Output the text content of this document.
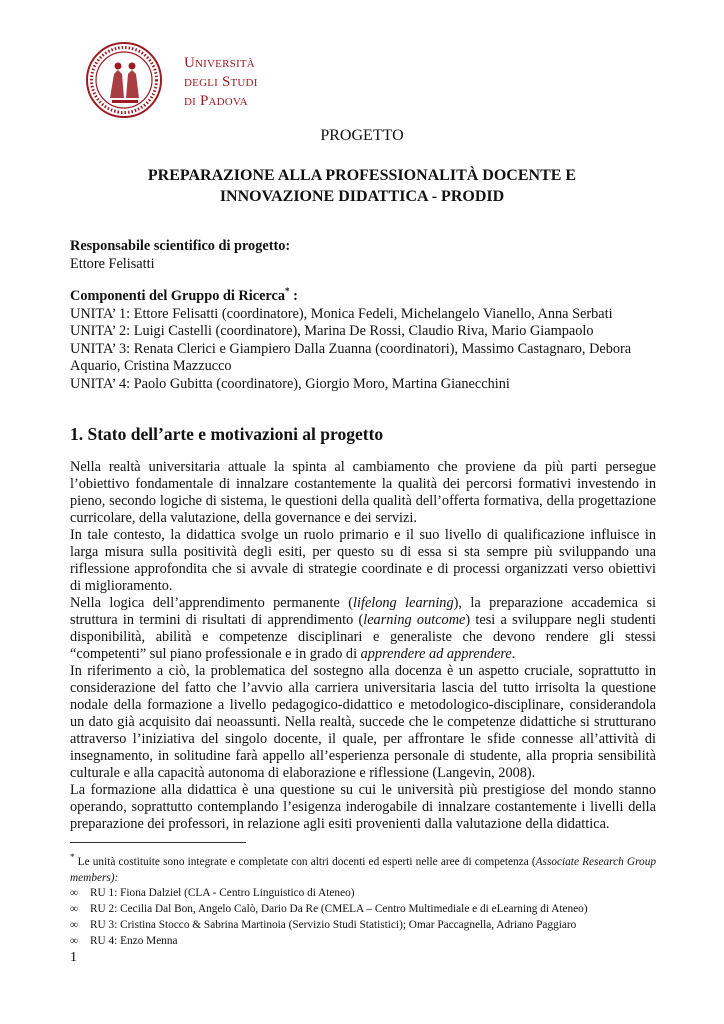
Università
degli Studi
di Padova
PROGETTO
PREPARAZIONE ALLA PROFESSIONALITÀ DOCENTE E
INNOVAZIONE DIDATTICA - PRODID
Responsabile scientifico di progetto:
Ettore Felisatti
Componenti del Gruppo di Ricerca* :
UNITA’ 1: Ettore Felisatti (coordinatore), Monica Fedeli, Michelangelo Vianello, Anna Serbati
UNITA’ 2: Luigi Castelli (coordinatore), Marina De Rossi, Claudio Riva, Mario Giampaolo
UNITA’ 3: Renata Clerici e Giampiero Dalla Zuanna (coordinatori), Massimo Castagnaro, Debora Aquario, Cristina Mazzucco
UNITA’ 4: Paolo Gubitta (coordinatore), Giorgio Moro, Martina Gianecchini
1. Stato dell’arte e motivazioni al progetto

Nella realtà universitaria attuale la spinta al cambiamento che proviene da più parti persegue l’obiettivo fondamentale di innalzare costantemente la qualità dei percorsi formativi investendo in pieno, secondo logiche di sistema, le questioni della qualità dell’offerta formativa, della progettazione curricolare, della valutazione, della governance e dei servizi.

In tale contesto, la didattica svolge un ruolo primario e il suo livello di qualificazione influisce in larga misura sulla positività degli esiti, per questo su di essa si sta sempre più sviluppando una riflessione approfondita che si avvale di strategie coordinate e di processi organizzati verso obiettivi di miglioramento.

Nella logica dell’apprendimento permanente (lifelong learning), la preparazione accademica si struttura in termini di risultati di apprendimento (learning outcome) tesi a sviluppare negli studenti disponibilità, abilità e competenze disciplinari e generaliste che devono rendere gli stessi “competenti” sul piano professionale e in grado di apprendere ad apprendere.

In riferimento a ciò, la problematica del sostegno alla docenza è un aspetto cruciale, soprattutto in considerazione del fatto che l’avvio alla carriera universitaria lascia del tutto irrisolta la questione nodale della formazione a livello pedagogico-didattico e metodologico-disciplinare, considerandola un dato già acquisito dai neoassunti. Nella realtà, succede che le competenze didattiche si strutturano attraverso l’iniziativa del singolo docente, il quale, per affrontare le sfide connesse all’attività di insegnamento, in solitudine farà appello all’esperienza personale di studente, alla propria sensibilità culturale e alla capacità autonoma di elaborazione e riflessione (Langevin, 2008).

La formazione alla didattica è una questione su cui le università più prestigiose del mondo stanno operando, soprattutto contemplando l’esigenza inderogabile di innalzare costantemente i livelli della preparazione dei professori, in relazione agli esiti provenienti dalla valutazione della didattica.

* Le unità costituite sono integrate e completate con altri docenti ed esperti nelle aree di competenza (Associate Research Group members):
∞	RU 1: Fiona Dalziel (CLA - Centro Linguistico di Ateneo)
∞	RU 2: Cecilia Dal Bon, Angelo Calò, Dario Da Re (CMELA – Centro Multimediale e di eLearning di Ateneo)
∞	RU 3: Cristina Stocco & Sabrina Martinoia (Servizio Studi Statistici); Omar Paccagnella, Adriano Paggiaro
∞	RU 4: Enzo Menna
1
